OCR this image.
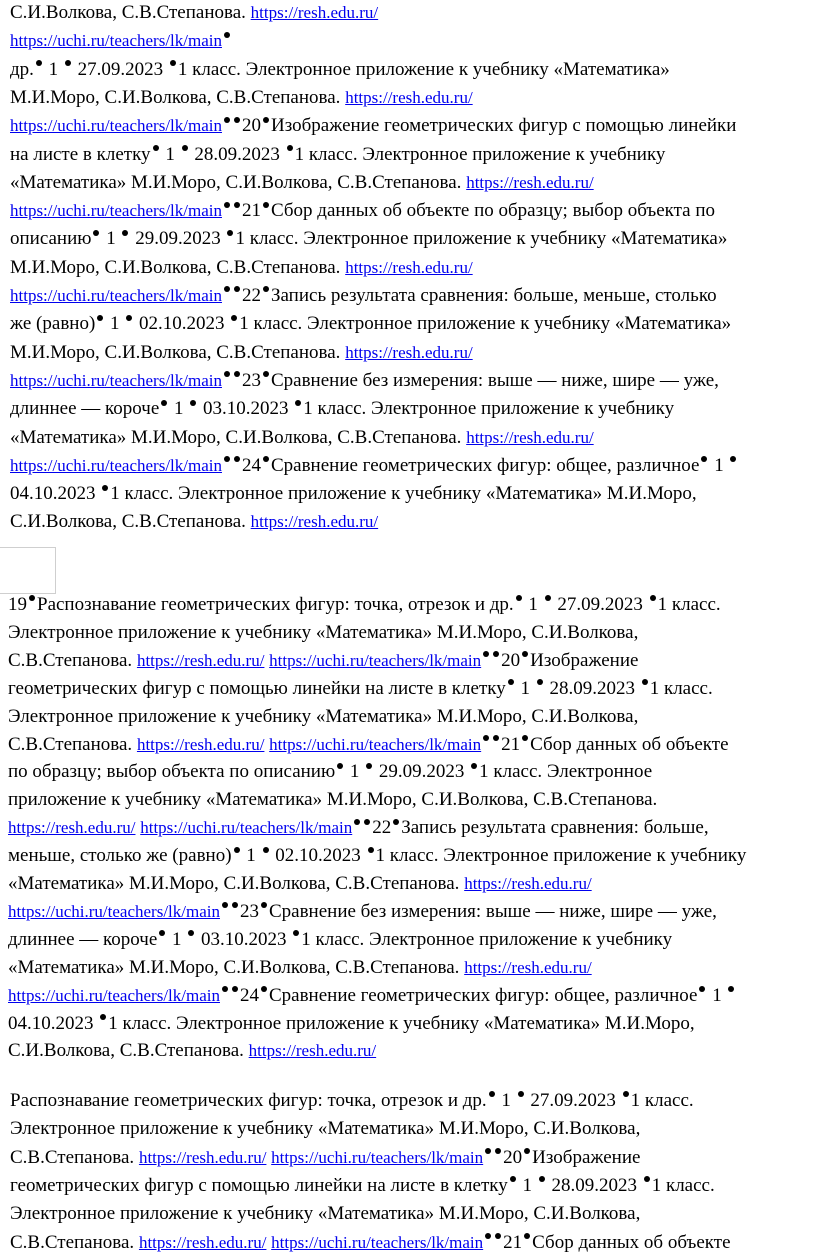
С.И.Волкова, С.В.Степанова. https://resh.edu.ru/
https://uchi.ru/teachers/lk/main
др. 1  27.09.2023 1 класс. Электронное приложение к учебнику «Математика»
М.И.Моро, С.И.Волкова, С.В.Степанова. https://resh.edu.ru/
https://uchi.ru/teachers/lk/main 20 Изображение геометрических фигур с помощью линейки
на листе в клетку 1  28.09.2023 1 класс. Электронное приложение к учебнику
«Математика» М.И.Моро, С.И.Волкова, С.В.Степанова. https://resh.edu.ru/
https://uchi.ru/teachers/lk/main 21 Сбор данных об объекте по образцу; выбор объекта по
описанию 1  29.09.2023 1 класс. Электронное приложение к учебнику «Математика»
М.И.Моро, С.И.Волкова, С.В.Степанова. https://resh.edu.ru/
https://uchi.ru/teachers/lk/main 22 Запись результата сравнения: больше, меньше, столько
же (равно) 1  02.10.2023 1 класс. Электронное приложение к учебнику «Математика»
М.И.Моро, С.И.Волкова, С.В.Степанова. https://resh.edu.ru/
https://uchi.ru/teachers/lk/main 23 Сравнение без измерения: выше — ниже, шире — уже,
длиннее — короче 1  03.10.2023 1 класс. Электронное приложение к учебнику
«Математика» М.И.Моро, С.И.Волкова, С.В.Степанова. https://resh.edu.ru/
https://uchi.ru/teachers/lk/main 24 Сравнение геометрических фигур: общее, различное 1
04.10.2023 1 класс. Электронное приложение к учебнику «Математика» М.И.Моро,
С.И.Волкова, С.В.Степанова. https://resh.edu.ru/
19 Распознавание геометрических фигур: точка, отрезок и др. 1  27.09.2023 1 класс.
Электронное приложение к учебнику «Математика» М.И.Моро, С.И.Волкова,
С.В.Степанова. https://resh.edu.ru/ https://uchi.ru/teachers/lk/main 20 Изображение
геометрических фигур с помощью линейки на листе в клетку 1  28.09.2023 1 класс.
Электронное приложение к учебнику «Математика» М.И.Моро, С.И.Волкова,
С.В.Степанова. https://resh.edu.ru/ https://uchi.ru/teachers/lk/main 21 Сбор данных об объекте
по образцу; выбор объекта по описанию 1  29.09.2023 1 класс. Электронное
приложение к учебнику «Математика» М.И.Моро, С.И.Волкова, С.В.Степанова.
https://resh.edu.ru/ https://uchi.ru/teachers/lk/main 22 Запись результата сравнения: больше,
меньше, столько же (равно) 1  02.10.2023 1 класс. Электронное приложение к учебнику
«Математика» М.И.Моро, С.И.Волкова, С.В.Степанова. https://resh.edu.ru/
https://uchi.ru/teachers/lk/main 23 Сравнение без измерения: выше — ниже, шире — уже,
длиннее — короче 1  03.10.2023 1 класс. Электронное приложение к учебнику
«Математика» М.И.Моро, С.И.Волкова, С.В.Степанова. https://resh.edu.ru/
https://uchi.ru/teachers/lk/main 24 Сравнение геометрических фигур: общее, различное 1
04.10.2023 1 класс. Электронное приложение к учебнику «Математика» М.И.Моро,
С.И.Волкова, С.В.Степанова. https://resh.edu.ru/
Распознавание геометрических фигур: точка, отрезок и др. 1  27.09.2023 1 класс.
Электронное приложение к учебнику «Математика» М.И.Моро, С.И.Волкова,
С.В.Степанова. https://resh.edu.ru/ https://uchi.ru/teachers/lk/main 20 Изображение
геометрических фигур с помощью линейки на листе в клетку 1  28.09.2023 1 класс.
Электронное приложение к учебнику «Математика» М.И.Моро, С.И.Волкова,
С.В.Степанова. https://resh.edu.ru/ https://uchi.ru/teachers/lk/main 21 Сбор данных об объекте
